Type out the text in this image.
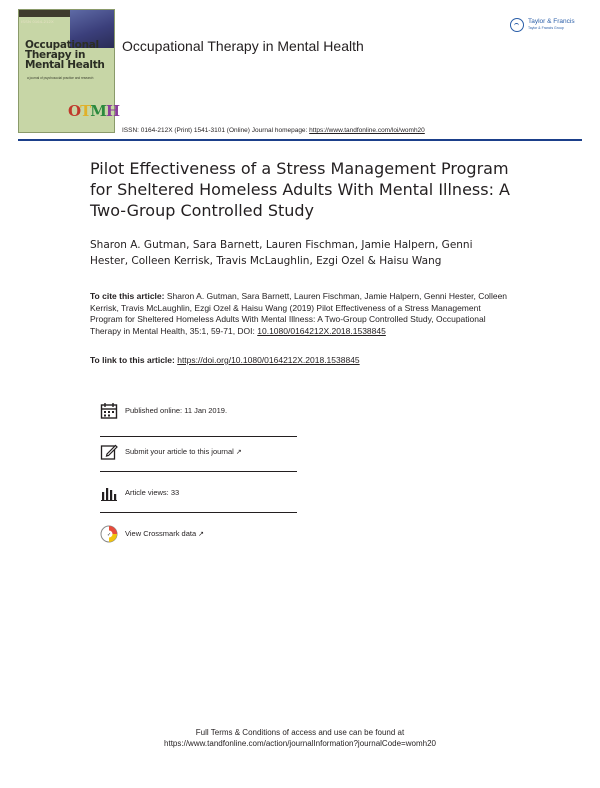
ISSN 0164-212X
Occupational
Therapy in
Mental Health
a journal of psychosocial practice and research
OTMH
Occupational Therapy in Mental Health
Taylor & Francis
Taylor & Francis Group
ISSN: 0164-212X (Print) 1541-3101 (Online) Journal homepage: https://www.tandfonline.com/loi/womh20
Pilot Effectiveness of a Stress Management Program for Sheltered Homeless Adults With Mental Illness: A Two-Group Controlled Study
Sharon A. Gutman, Sara Barnett, Lauren Fischman, Jamie Halpern, Genni Hester, Colleen Kerrisk, Travis McLaughlin, Ezgi Ozel & Haisu Wang
To cite this article: Sharon A. Gutman, Sara Barnett, Lauren Fischman, Jamie Halpern, Genni Hester, Colleen Kerrisk, Travis McLaughlin, Ezgi Ozel & Haisu Wang (2019) Pilot Effectiveness of a Stress Management Program for Sheltered Homeless Adults With Mental Illness: A Two-Group Controlled Study, Occupational Therapy in Mental Health, 35:1, 59-71, DOI: 10.1080/0164212X.2018.1538845
To link to this article: https://doi.org/10.1080/0164212X.2018.1538845
Published online: 11 Jan 2019.
Submit your article to this journal ↗
Article views: 33
✓ View Crossmark data ↗
Full Terms & Conditions of access and use can be found at
https://www.tandfonline.com/action/journalInformation?journalCode=womh20
